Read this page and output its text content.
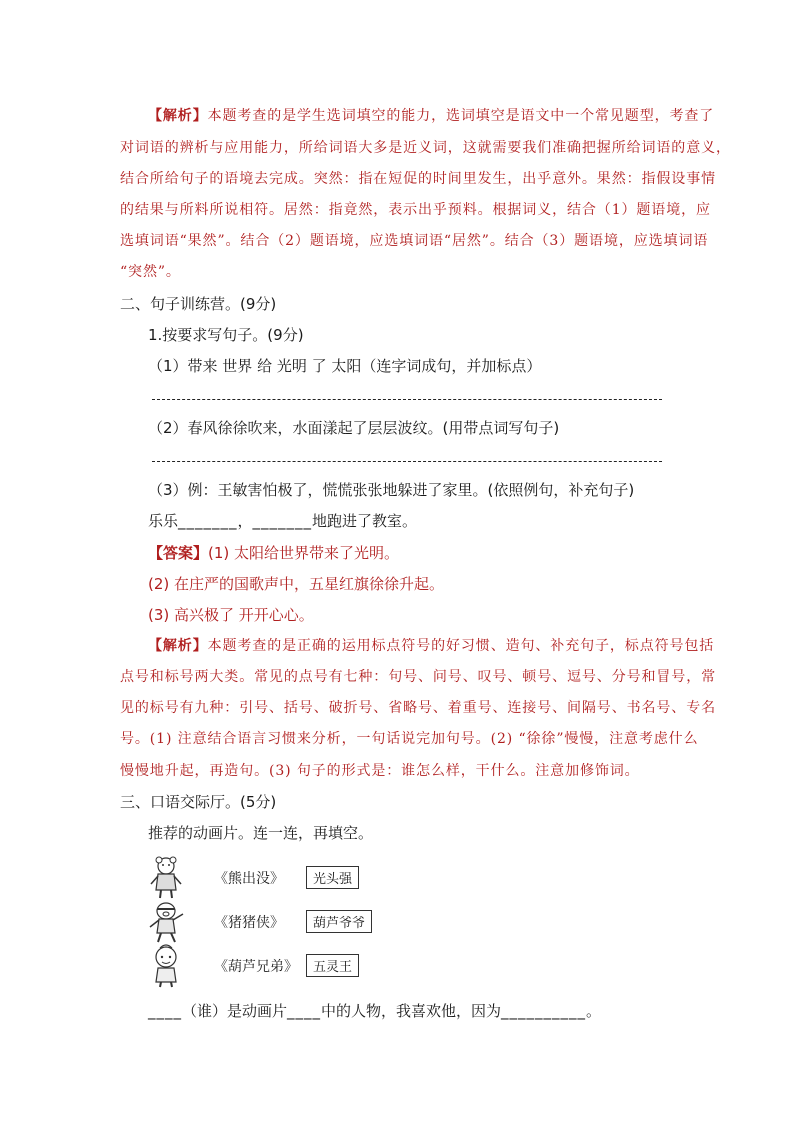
【解析】本题考查的是学生选词填空的能力，选词填空是语文中一个常见题型，考查了
对词语的辨析与应用能力，所给词语大多是近义词，这就需要我们准确把握所给词语的意义，
结合所给句子的语境去完成。突然：指在短促的时间里发生，出乎意外。果然：指假设事情
的结果与所料所说相符。居然：指竟然，表示出乎预料。根据词义，结合（1）题语境，应
选填词语“果然”。结合（2）题语境，应选填词语“居然”。结合（3）题语境，应选填词语
“突然”。
二、句子训练营。(9分)
1.按要求写句子。(9分)
（1）带来 世界 给 光明 了 太阳（连字词成句，并加标点）
（2）春风徐徐吹来，水面漾起了层层波纹。(用带点词写句子)
（3）例：王敏害怕极了，慌慌张张地躲进了家里。(依照例句，补充句子)
乐乐_______，_______地跑进了教室。
【答案】(1) 太阳给世界带来了光明。
(2) 在庄严的国歌声中，五星红旗徐徐升起。
(3) 高兴极了 开开心心。
【解析】本题考查的是正确的运用标点符号的好习惯、造句、补充句子，标点符号包括
点号和标号两大类。常见的点号有七种：句号、问号、叹号、顿号、逗号、分号和冒号，常
见的标号有九种：引号、括号、破折号、省略号、着重号、连接号、间隔号、书名号、专名
号。(1) 注意结合语言习惯来分析，一句话说完加句号。(2) “徐徐”慢慢，注意考虑什么
慢慢地升起，再造句。(3) 句子的形式是：谁怎么样，干什么。注意加修饰词。
三、口语交际厅。(5分)
推荐的动画片。连一连，再填空。
《熊出没》	光头强
《猪猪侠》	葫芦爷爷
《葫芦兄弟》	五灵王
____（谁）是动画片____中的人物，我喜欢他，因为__________。
